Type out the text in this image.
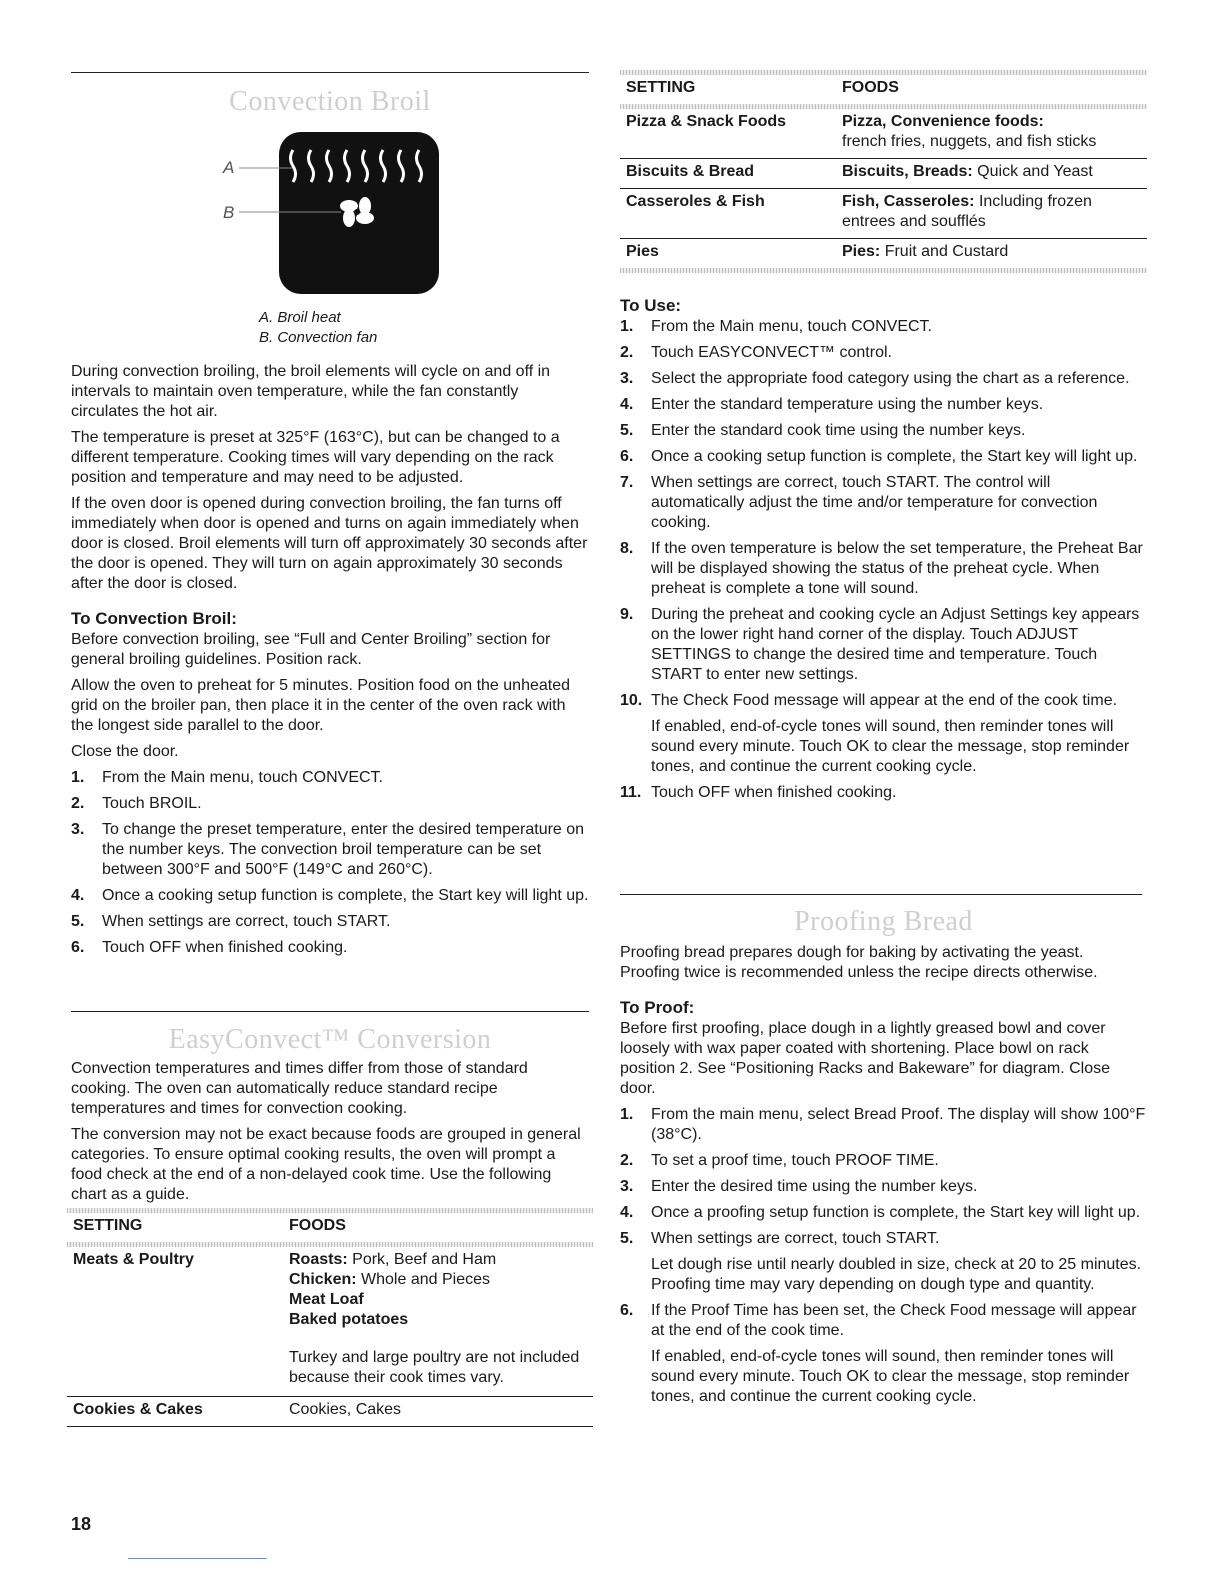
Convection Broil
A
B
A. Broil heat
B. Convection fan

During convection broiling, the broil elements will cycle on and off in intervals to maintain oven temperature, while the fan constantly circulates the hot air.

The temperature is preset at 325°F (163°C), but can be changed to a different temperature. Cooking times will vary depending on the rack position and temperature and may need to be adjusted.

If the oven door is opened during convection broiling, the fan turns off immediately when door is opened and turns on again immediately when door is closed. Broil elements will turn off approximately 30 seconds after the door is opened. They will turn on again approximately 30 seconds after the door is closed.

To Convection Broil:

Before convection broiling, see “Full and Center Broiling” section for general broiling guidelines. Position rack.

Allow the oven to preheat for 5 minutes. Position food on the unheated grid on the broiler pan, then place it in the center of the oven rack with the longest side parallel to the door.

Close the door.

1. From the Main menu, touch CONVECT.
2. Touch BROIL.
3. To change the preset temperature, enter the desired temperature on the number keys. The convection broil temperature can be set between 300°F and 500°F (149°C and 260°C).
4. Once a cooking setup function is complete, the Start key will light up.
5. When settings are correct, touch START.
6. Touch OFF when finished cooking.
EasyConvect™ Conversion

Convection temperatures and times differ from those of standard cooking. The oven can automatically reduce standard recipe temperatures and times for convection cooking.

The conversion may not be exact because foods are grouped in general categories. To ensure optimal cooking results, the oven will prompt a food check at the end of a non-delayed cook time. Use the following chart as a guide.

SETTING	FOODS
Meats & Poultry	Roasts: Pork, Beef and Ham
Chicken: Whole and Pieces
Meat Loaf
Baked potatoes
Turkey and large poultry are not included because their cook times vary.

Cookies & Cakes	Cookies, Cakes
18
SETTING	FOODS
Pizza & Snack Foods	Pizza, Convenience foods:
french fries, nuggets, and fish sticks
Biscuits & Bread	Biscuits, Breads: Quick and Yeast
Casseroles & Fish	Fish, Casseroles: Including frozen entrees and soufflés
Pies	Pies: Fruit and Custard
To Use:
1. From the Main menu, touch CONVECT.
2. Touch EASYCONVECT™ control.
3. Select the appropriate food category using the chart as a reference.
4. Enter the standard temperature using the number keys.
5. Enter the standard cook time using the number keys.
6. Once a cooking setup function is complete, the Start key will light up.
7. When settings are correct, touch START. The control will automatically adjust the time and/or temperature for convection cooking.
8. If the oven temperature is below the set temperature, the Preheat Bar will be displayed showing the status of the preheat cycle. When preheat is complete a tone will sound.
9. During the preheat and cooking cycle an Adjust Settings key appears on the lower right hand corner of the display. Touch ADJUST SETTINGS to change the desired time and temperature. Touch START to enter new settings.
10. The Check Food message will appear at the end of the cook time.
If enabled, end-of-cycle tones will sound, then reminder tones will sound every minute. Touch OK to clear the message, stop reminder tones, and continue the current cooking cycle.
11. Touch OFF when finished cooking.
Proofing Bread

Proofing bread prepares dough for baking by activating the yeast. Proofing twice is recommended unless the recipe directs otherwise.

To Proof:

Before first proofing, place dough in a lightly greased bowl and cover loosely with wax paper coated with shortening. Place bowl on rack position 2. See “Positioning Racks and Bakeware” for diagram. Close door.

1. From the main menu, select Bread Proof. The display will show 100°F (38°C).
2. To set a proof time, touch PROOF TIME.
3. Enter the desired time using the number keys.
4. Once a proofing setup function is complete, the Start key will light up.
5. When settings are correct, touch START.
Let dough rise until nearly doubled in size, check at 20 to 25 minutes. Proofing time may vary depending on dough type and quantity.
6. If the Proof Time has been set, the Check Food message will appear at the end of the cook time.
If enabled, end-of-cycle tones will sound, then reminder tones will sound every minute. Touch OK to clear the message, stop reminder tones, and continue the current cooking cycle.
